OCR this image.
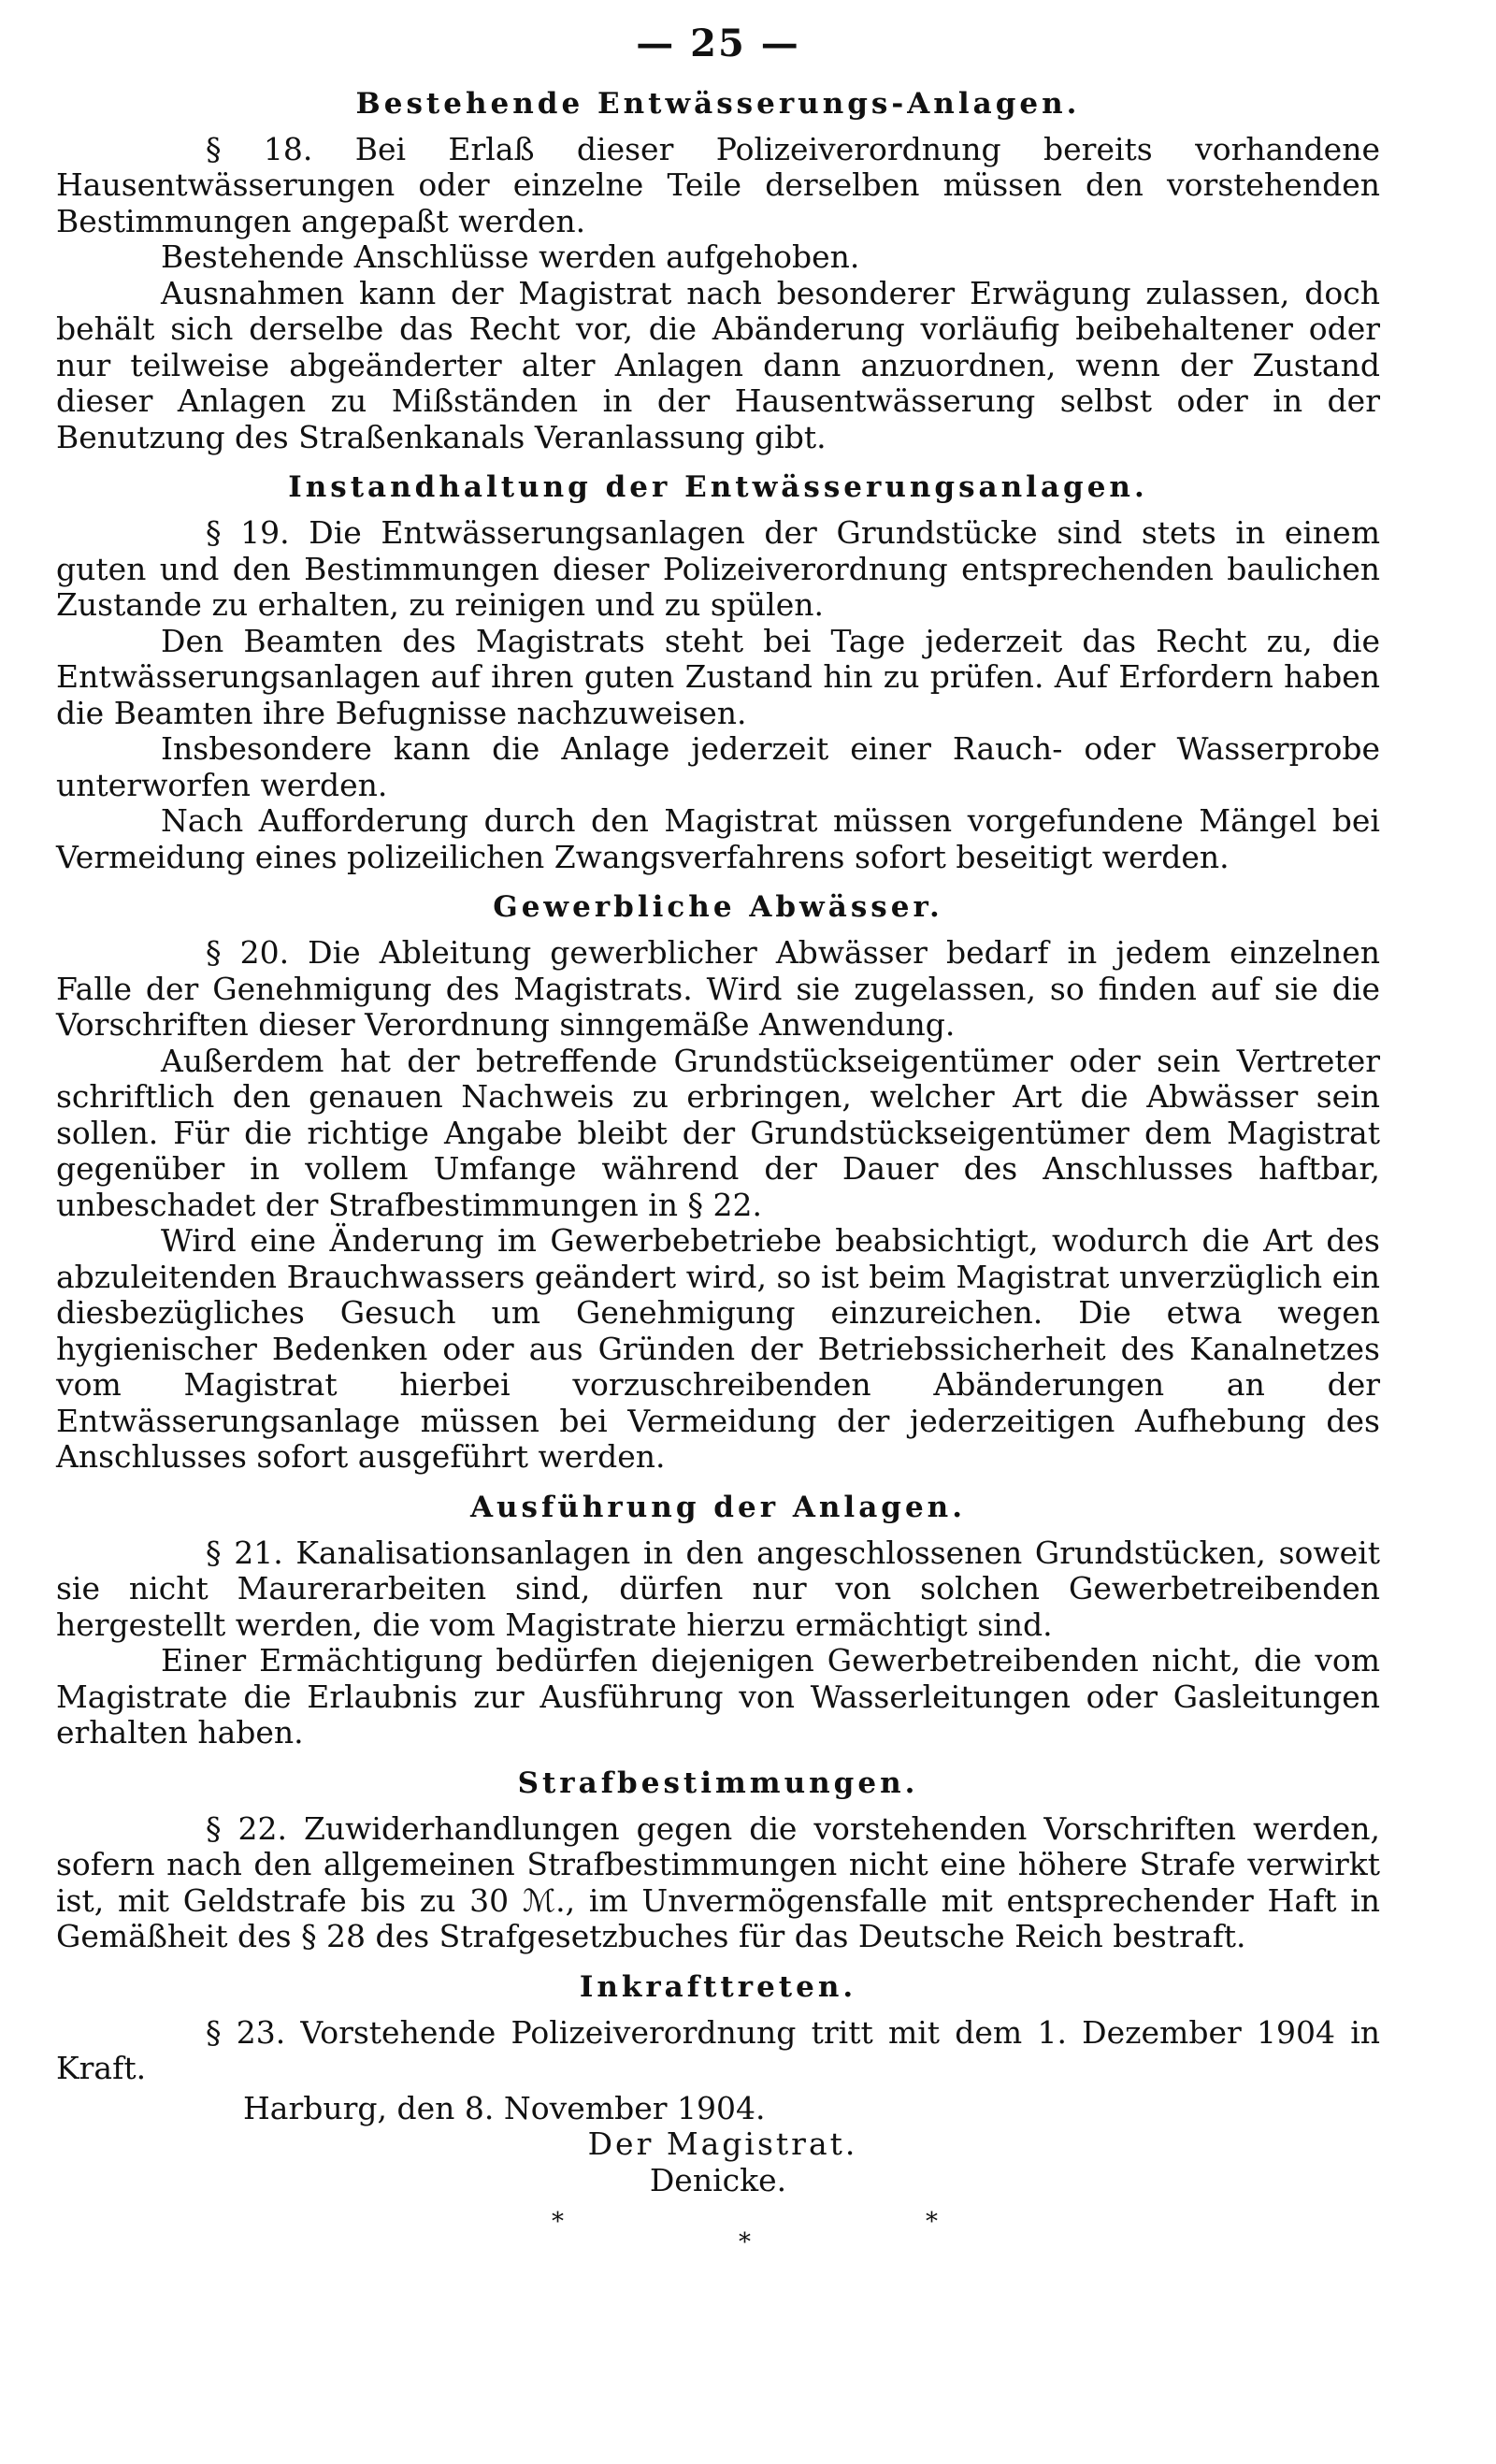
— 25 —
Bestehende Entwässerungs-Anlagen.

§ 18. Bei Erlaß dieser Polizeiverordnung bereits vorhandene Hausentwässerungen oder einzelne Teile derselben müssen den vorstehenden Bestimmungen angepaßt werden.

Bestehende Anschlüsse werden aufgehoben.

Ausnahmen kann der Magistrat nach besonderer Erwägung zulassen, doch behält sich derselbe das Recht vor, die Abänderung vorläufig beibehaltener oder nur teilweise abgeänderter alter Anlagen dann anzuordnen, wenn der Zustand dieser Anlagen zu Mißständen in der Hausentwässerung selbst oder in der Benutzung des Straßenkanals Veranlassung gibt.

Instandhaltung der Entwässerungsanlagen.

§ 19. Die Entwässerungsanlagen der Grundstücke sind stets in einem guten und den Bestimmungen dieser Polizeiverordnung entsprechenden baulichen Zustande zu erhalten, zu reinigen und zu spülen.

Den Beamten des Magistrats steht bei Tage jederzeit das Recht zu, die Entwässerungsanlagen auf ihren guten Zustand hin zu prüfen. Auf Erfordern haben die Beamten ihre Befugnisse nachzuweisen.

Insbesondere kann die Anlage jederzeit einer Rauch- oder Wasserprobe unterworfen werden.

Nach Aufforderung durch den Magistrat müssen vorgefundene Mängel bei Vermeidung eines polizeilichen Zwangsverfahrens sofort beseitigt werden.

Gewerbliche Abwässer.

§ 20. Die Ableitung gewerblicher Abwässer bedarf in jedem einzelnen Falle der Genehmigung des Magistrats. Wird sie zugelassen, so finden auf sie die Vorschriften dieser Verordnung sinngemäße Anwendung.

Außerdem hat der betreffende Grundstückseigentümer oder sein Vertreter schriftlich den genauen Nachweis zu erbringen, welcher Art die Abwässer sein sollen. Für die richtige Angabe bleibt der Grundstückseigentümer dem Magistrat gegenüber in vollem Umfange während der Dauer des Anschlusses haftbar, unbeschadet der Strafbestimmungen in § 22.

Wird eine Änderung im Gewerbebetriebe beabsichtigt, wodurch die Art des abzuleitenden Brauchwassers geändert wird, so ist beim Magistrat unverzüglich ein diesbezügliches Gesuch um Genehmigung einzureichen. Die etwa wegen hygienischer Bedenken oder aus Gründen der Betriebssicherheit des Kanalnetzes vom Magistrat hierbei vorzuschreibenden Abänderungen an der Entwässerungsanlage müssen bei Vermeidung der jederzeitigen Aufhebung des Anschlusses sofort ausgeführt werden.

Ausführung der Anlagen.

§ 21. Kanalisationsanlagen in den angeschlossenen Grundstücken, soweit sie nicht Maurerarbeiten sind, dürfen nur von solchen Gewerbetreibenden hergestellt werden, die vom Magistrate hierzu ermächtigt sind.

Einer Ermächtigung bedürfen diejenigen Gewerbetreibenden nicht, die vom Magistrate die Erlaubnis zur Ausführung von Wasserleitungen oder Gasleitungen erhalten haben.

Strafbestimmungen.

§ 22. Zuwiderhandlungen gegen die vorstehenden Vorschriften werden, sofern nach den allgemeinen Strafbestimmungen nicht eine höhere Strafe verwirkt ist, mit Geldstrafe bis zu 30 ℳ., im Unvermögensfalle mit entsprechender Haft in Gemäßheit des § 28 des Strafgesetzbuches für das Deutsche Reich bestraft.

Inkrafttreten.

§ 23. Vorstehende Polizeiverordnung tritt mit dem 1. Dezember 1904 in Kraft.

Harburg, den 8. November 1904.

Der Magistrat.

Denicke.

*
*
*
